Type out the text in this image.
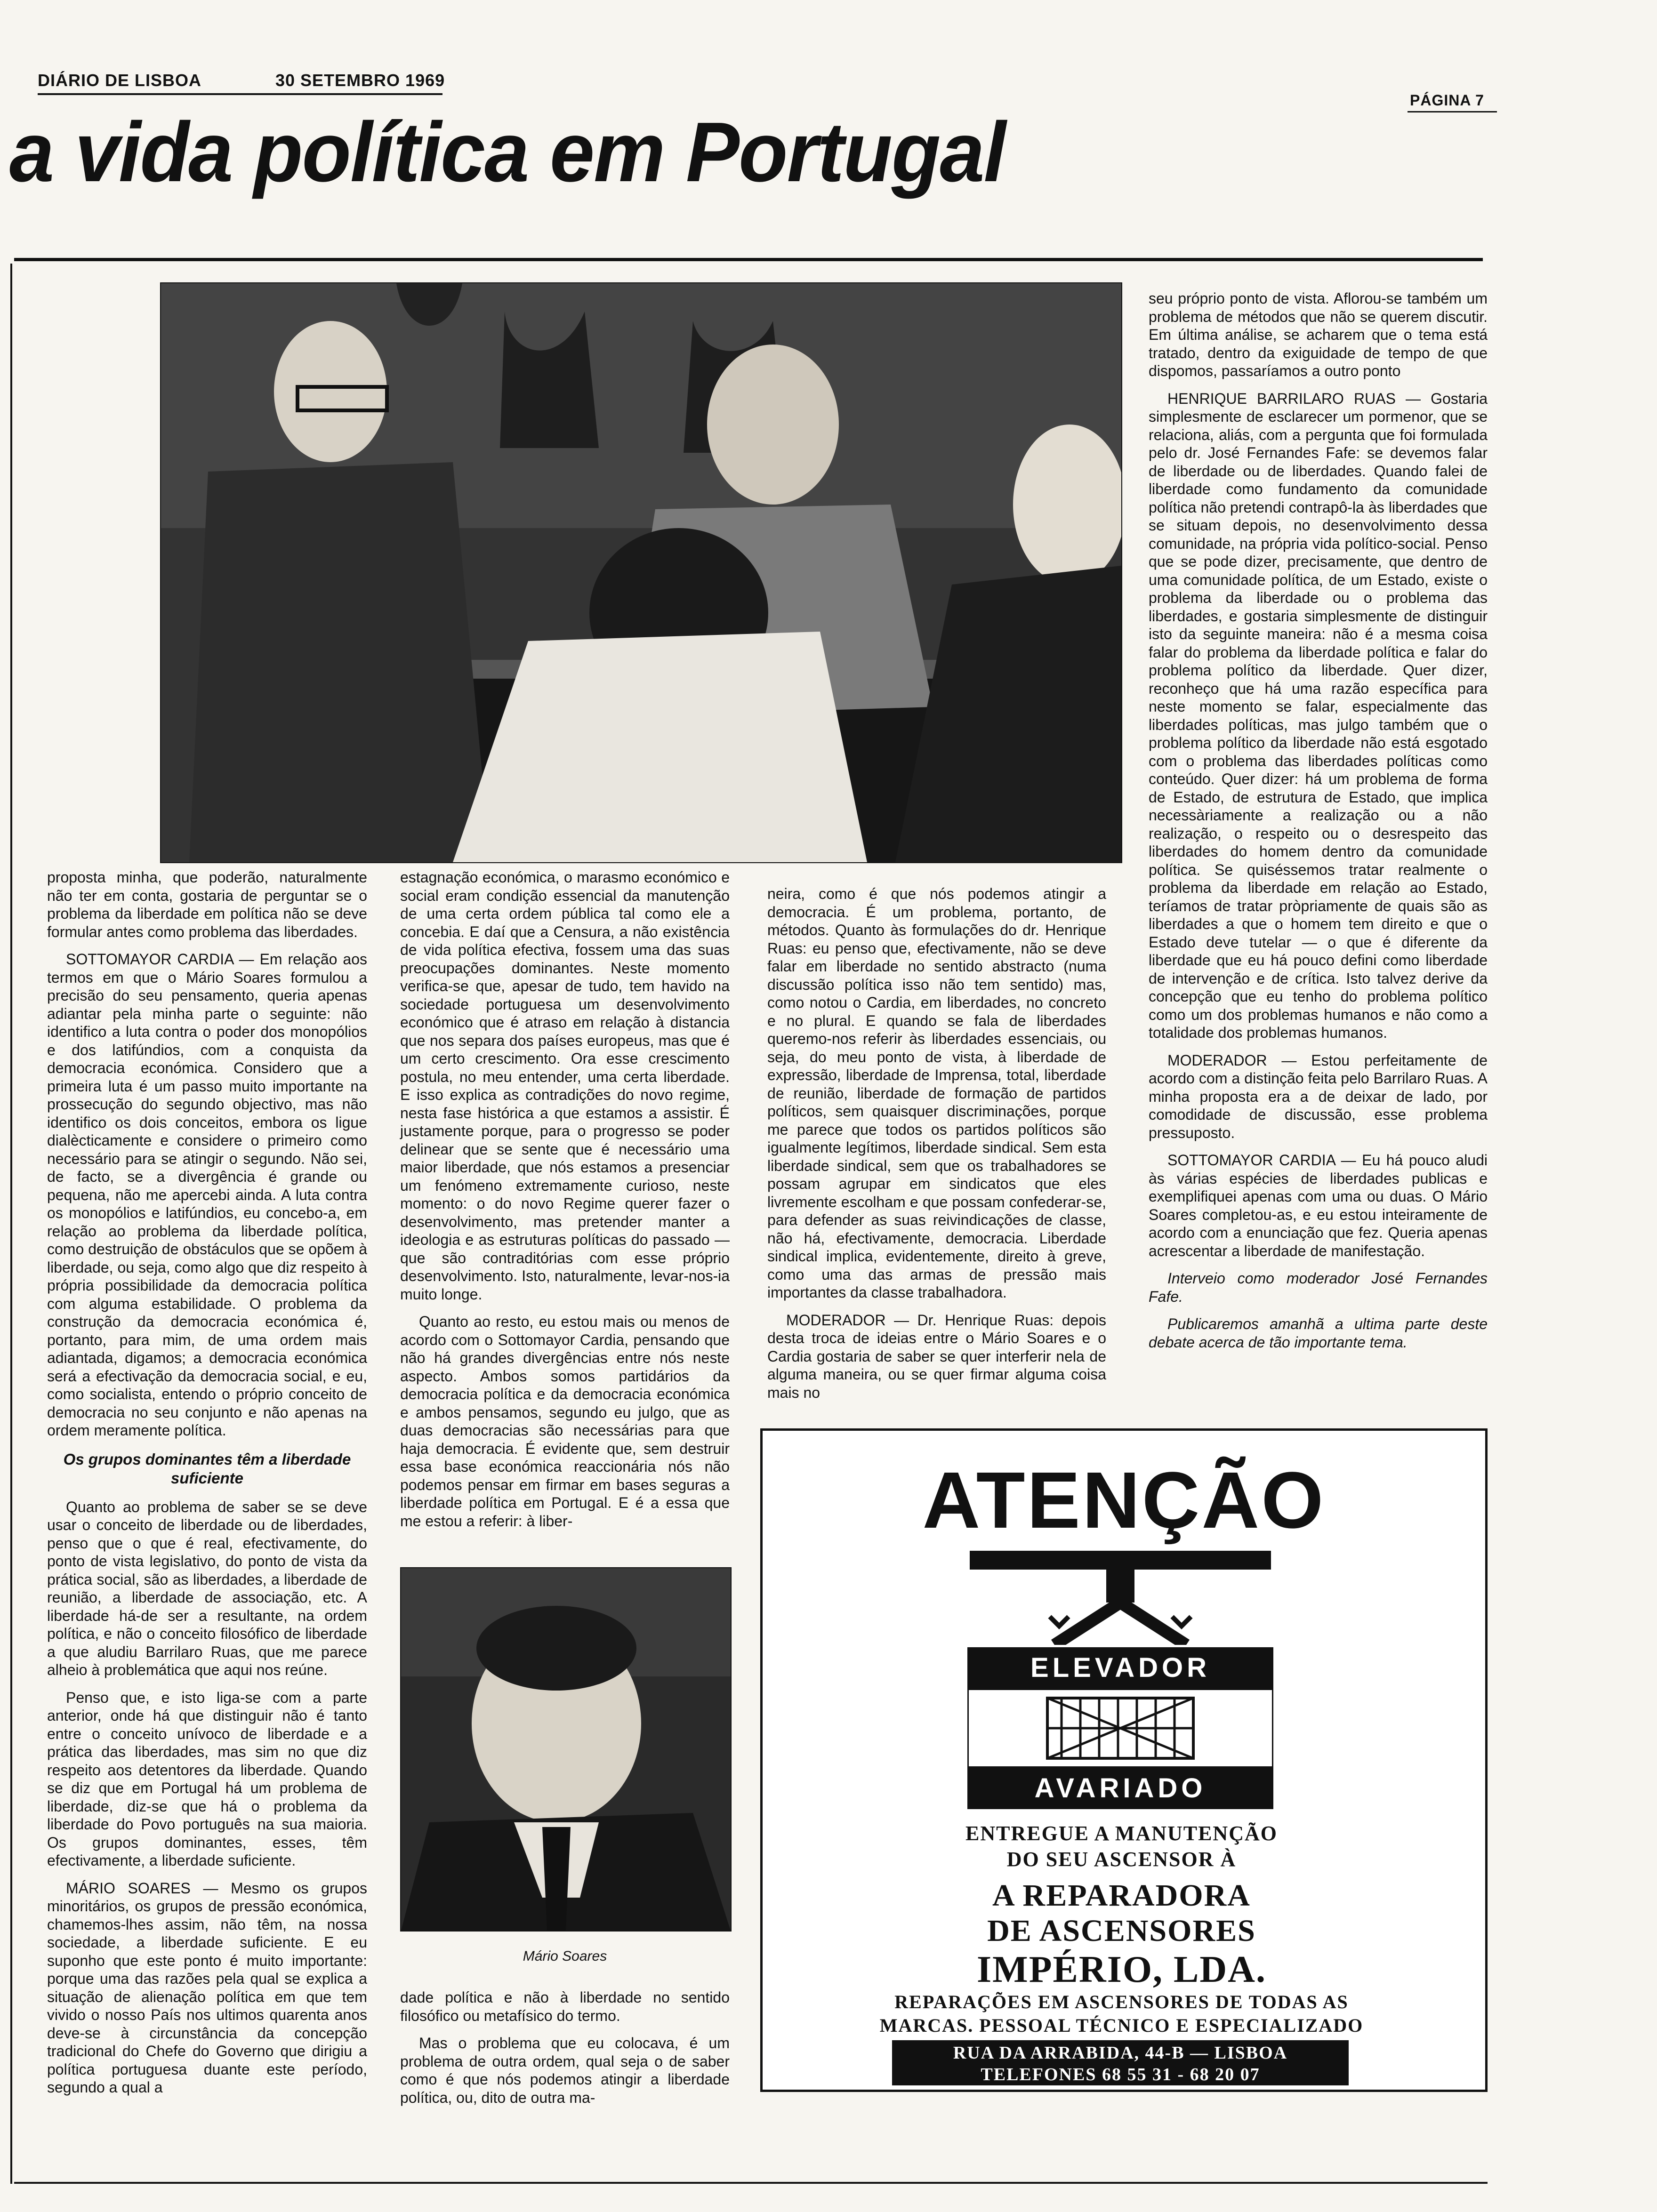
DIÁRIO DE LISBOA	30 SETEMBRO 1969
PÁGINA 7
a vida política em Portugal

seu próprio ponto de vista. Aflorou-se também um problema de métodos que não se querem discutir. Em última análise, se acharem que o tema está tratado, dentro da exiguidade de tempo de que dispomos, passaríamos a outro ponto

HENRIQUE BARRILARO RUAS — Gostaria simplesmente de esclarecer um pormenor, que se relaciona, aliás, com a pergunta que foi formulada pelo dr. José Fernandes Fafe: se devemos falar de liberdade ou de liberdades. Quando falei de liberdade como fundamento da comunidade política não pretendi contrapô-la às liberdades que se situam depois, no desenvolvimento dessa comunidade, na própria vida político-social. Penso que se pode dizer, precisamente, que dentro de uma comunidade política, de um Estado, existe o problema da liberdade ou o problema das liberdades, e gostaria simplesmente de distinguir isto da seguinte maneira: não é a mesma coisa falar do problema da liberdade política e falar do problema político da liberdade. Quer dizer, reconheço que há uma razão específica para neste momento se falar, especialmente das liberdades políticas, mas julgo também que o problema político da liberdade não está esgotado com o problema das liberdades políticas como conteúdo. Quer dizer: há um problema de forma de Estado, de estrutura de Estado, que implica necessàriamente a realização ou a não realização, o respeito ou o desrespeito das liberdades do homem dentro da comunidade política. Se quiséssemos tratar realmente o problema da liberdade em relação ao Estado, teríamos de tratar pròpriamente de quais são as liberdades a que o homem tem direito e que o Estado deve tutelar — o que é diferente da liberdade que eu há pouco defini como liberdade de intervenção e de crítica. Isto talvez derive da concepção que eu tenho do problema político como um dos problemas humanos e não como a totalidade dos problemas humanos.

MODERADOR — Estou perfeitamente de acordo com a distinção feita pelo Barrilaro Ruas. A minha proposta era a de deixar de lado, por comodidade de discussão, esse problema pressuposto.

SOTTOMAYOR CARDIA — Eu há pouco aludi às várias espécies de liberdades publicas e exemplifiquei apenas com uma ou duas. O Mário Soares completou-as, e eu estou inteiramente de acordo com a enunciação que fez. Queria apenas acrescentar a liberdade de manifestação.

Interveio como moderador José Fernandes Fafe.

Publicaremos amanhã a ultima parte deste debate acerca de tão importante tema.

proposta minha, que poderão, naturalmente não ter em conta, gostaria de perguntar se o problema da liberdade em política não se deve formular antes como problema das liberdades.

SOTTOMAYOR CARDIA — Em relação aos termos em que o Mário Soares formulou a precisão do seu pensamento, queria apenas adiantar pela minha parte o seguinte: não identifico a luta contra o poder dos monopólios e dos latifúndios, com a conquista da democracia económica. Considero que a primeira luta é um passo muito importante na prossecução do segundo objectivo, mas não identifico os dois conceitos, embora os ligue dialècticamente e considere o primeiro como necessário para se atingir o segundo. Não sei, de facto, se a divergência é grande ou pequena, não me apercebi ainda. A luta contra os monopólios e latifúndios, eu concebo-a, em relação ao problema da liberdade política, como destruição de obstáculos que se opõem à liberdade, ou seja, como algo que diz respeito à própria possibilidade da democracia política com alguma estabilidade. O problema da construção da democracia económica é, portanto, para mim, de uma ordem mais adiantada, digamos; a democracia económica será a efectivação da democracia social, e eu, como socialista, entendo o próprio conceito de democracia no seu conjunto e não apenas na ordem meramente política.

Os grupos dominantes têm a liberdade suficiente

Quanto ao problema de saber se se deve usar o conceito de liberdade ou de liberdades, penso que o que é real, efectivamente, do ponto de vista legislativo, do ponto de vista da prática social, são as liberdades, a liberdade de reunião, a liberdade de associação, etc. A liberdade há-de ser a resultante, na ordem política, e não o conceito filosófico de liberdade a que aludiu Barrilaro Ruas, que me parece alheio à problemática que aqui nos reúne.

Penso que, e isto liga-se com a parte anterior, onde há que distinguir não é tanto entre o conceito unívoco de liberdade e a prática das liberdades, mas sim no que diz respeito aos detentores da liberdade. Quando se diz que em Portugal há um problema de liberdade, diz-se que há o problema da liberdade do Povo português na sua maioria. Os grupos dominantes, esses, têm efectivamente, a liberdade suficiente.

MÁRIO SOARES — Mesmo os grupos minoritários, os grupos de pressão económica, chamemos-lhes assim, não têm, na nossa sociedade, a liberdade suficiente. E eu suponho que este ponto é muito importante: porque uma das razões pela qual se explica a situação de alienação política em que tem vivido o nosso País nos ultimos quarenta anos deve-se à circunstância da concepção tradicional do Chefe do Governo que dirigiu a política portuguesa duante este período, segundo a qual a

estagnação económica, o marasmo económico e social eram condição essencial da manutenção de uma certa ordem pública tal como ele a concebia. E daí que a Censura, a não existência de vida política efectiva, fossem uma das suas preocupações dominantes. Neste momento verifica-se que, apesar de tudo, tem havido na sociedade portuguesa um desenvolvimento económico que é atraso em relação à distancia que nos separa dos países europeus, mas que é um certo crescimento. Ora esse crescimento postula, no meu entender, uma certa liberdade. E isso explica as contradições do novo regime, nesta fase histórica a que estamos a assistir. É justamente porque, para o progresso se poder delinear que se sente que é necessário uma maior liberdade, que nós estamos a presenciar um fenómeno extremamente curioso, neste momento: o do novo Regime querer fazer o desenvolvimento, mas pretender manter a ideologia e as estruturas políticas do passado — que são contraditórias com esse próprio desenvolvimento. Isto, naturalmente, levar-nos-ia muito longe.

Quanto ao resto, eu estou mais ou menos de acordo com o Sottomayor Cardia, pensando que não há grandes divergências entre nós neste aspecto. Ambos somos partidários da democracia política e da democracia económica e ambos pensamos, segundo eu julgo, que as duas democracias são necessárias para que haja democracia. É evidente que, sem destruir essa base económica reaccionária nós não podemos pensar em firmar em bases seguras a liberdade política em Portugal. E é a essa que me estou a referir: à liber-

Mário Soares

dade política e não à liberdade no sentido filosófico ou metafísico do termo.

Mas o problema que eu colocava, é um problema de outra ordem, qual seja o de saber como é que nós podemos atingir a liberdade política, ou, dito de outra ma-

neira, como é que nós podemos atingir a democracia. É um problema, portanto, de métodos. Quanto às formulações do dr. Henrique Ruas: eu penso que, efectivamente, não se deve falar em liberdade no sentido abstracto (numa discussão política isso não tem sentido) mas, como notou o Cardia, em liberdades, no concreto e no plural. E quando se fala de liberdades queremo-nos referir às liberdades essenciais, ou seja, do meu ponto de vista, à liberdade de expressão, liberdade de Imprensa, total, liberdade de reunião, liberdade de formação de partidos políticos, sem quaisquer discriminações, porque me parece que todos os partidos políticos são igualmente legítimos, liberdade sindical. Sem esta liberdade sindical, sem que os trabalhadores se possam agrupar em sindicatos que eles livremente escolham e que possam confederar-se, para defender as suas reivindicações de classe, não há, efectivamente, democracia. Liberdade sindical implica, evidentemente, direito à greve, como uma das armas de pressão mais importantes da classe trabalhadora.

MODERADOR — Dr. Henrique Ruas: depois desta troca de ideias entre o Mário Soares e o Cardia gostaria de saber se quer interferir nela de alguma maneira, ou se quer firmar alguma coisa mais no

ATENÇÃO
ELEVADOR
AVARIADO
ENTREGUE A MANUTENÇÃO
DO SEU ASCENSOR À
A REPARADORA
DE ASCENSORES
IMPÉRIO, LDA.
REPARAÇÕES EM ASCENSORES DE TODAS AS
MARCAS. PESSOAL TÉCNICO E ESPECIALIZADO
RUA DA ARRABIDA, 44-B — LISBOA
TELEFONES 68 55 31 - 68 20 07
